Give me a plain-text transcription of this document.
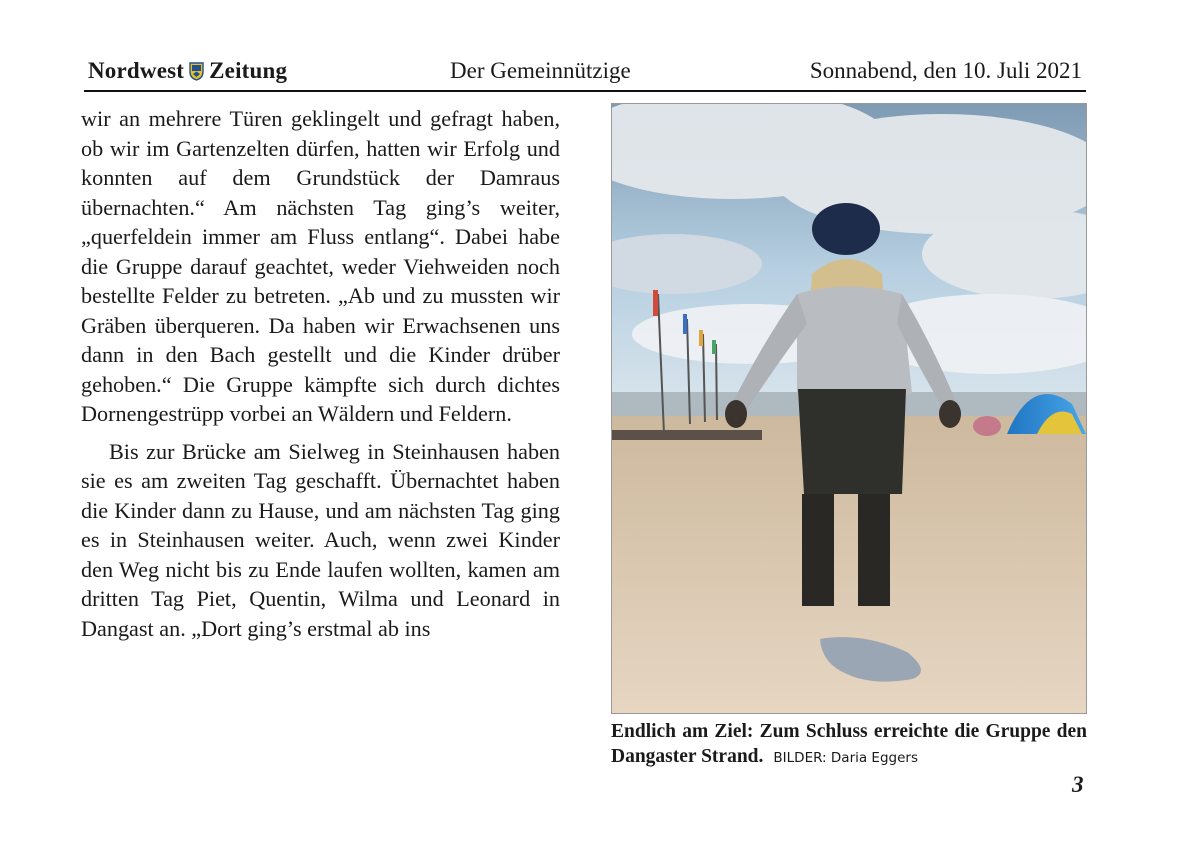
Nordwest Zeitung	Der Gemeinnützige	Sonnabend, den 10. Juli 2021

wir an mehrere Türen geklingelt und gefragt haben, ob wir im Gartenzelten dürfen, hatten wir Erfolg und konnten auf dem Grundstück der Damraus übernachten.“ Am nächsten Tag ging’s weiter, „querfeldein immer am Fluss entlang“. Dabei habe die Gruppe darauf geachtet, weder Viehweiden noch bestellte Felder zu betreten. „Ab und zu mussten wir Gräben überqueren. Da haben wir Erwachsenen uns dann in den Bach gestellt und die Kinder drüber gehoben.“ Die Gruppe kämpfte sich durch dichtes Dornengestrüpp vorbei an Wäldern und Feldern.

Bis zur Brücke am Sielweg in Steinhausen haben sie es am zweiten Tag geschafft. Übernachtet haben die Kinder dann zu Hause, und am nächsten Tag ging es in Steinhausen weiter. Auch, wenn zwei Kinder den Weg nicht bis zu Ende laufen wollten, kamen am dritten Tag Piet, Quentin, Wilma und Leonard in Dangast an. „Dort ging’s erstmal ab ins

Endlich am Ziel: Zum Schluss erreichte die Gruppe den Dangaster Strand. BILDER: Daria Eggers
3
